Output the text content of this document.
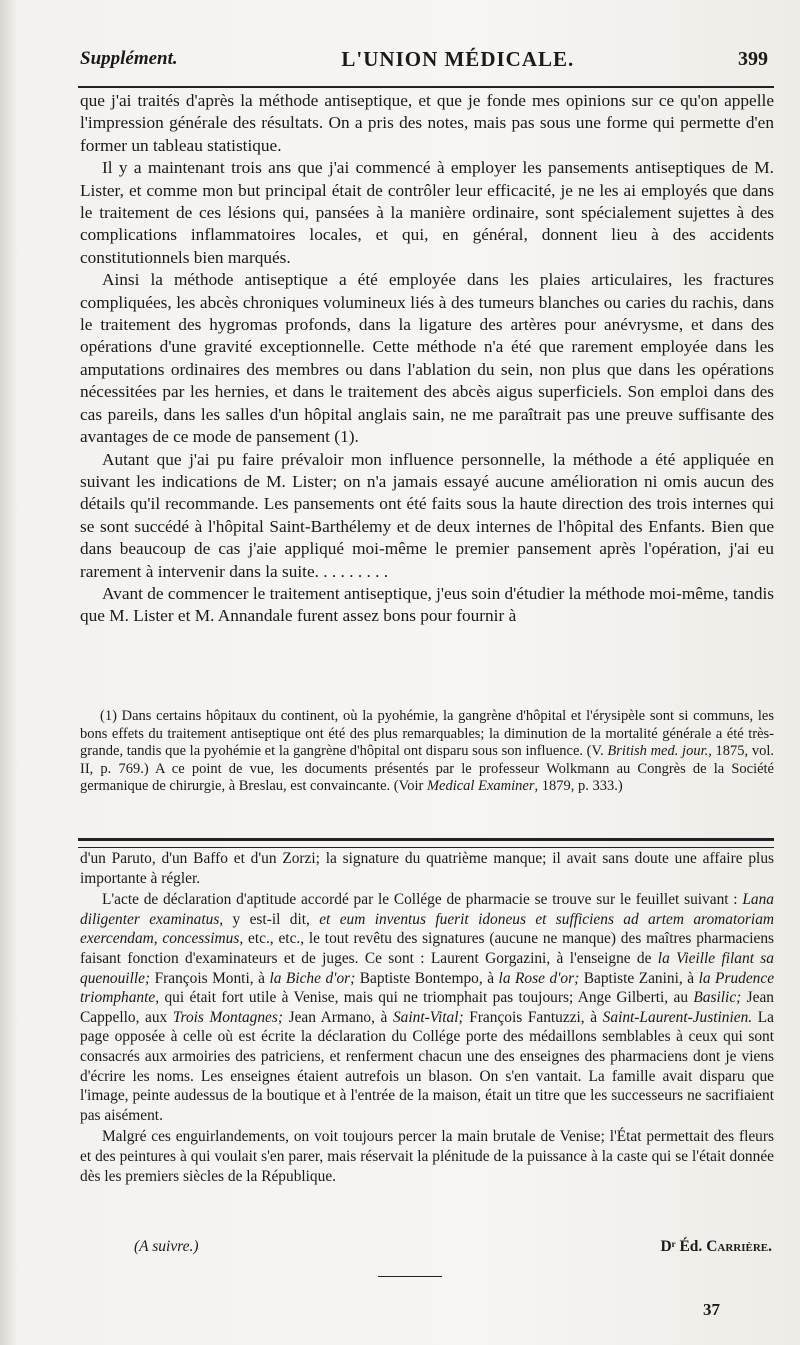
Supplément.	L'UNION MÉDICALE.	399

que j'ai traités d'après la méthode antiseptique, et que je fonde mes opinions sur ce qu'on appelle l'impression générale des résultats. On a pris des notes, mais pas sous une forme qui permette d'en former un tableau statistique.

Il y a maintenant trois ans que j'ai commencé à employer les pansements antiseptiques de M. Lister, et comme mon but principal était de contrôler leur efficacité, je ne les ai employés que dans le traitement de ces lésions qui, pansées à la manière ordinaire, sont spécialement sujettes à des complications inflammatoires locales, et qui, en général, donnent lieu à des accidents constitutionnels bien marqués.

Ainsi la méthode antiseptique a été employée dans les plaies articulaires, les fractures compliquées, les abcès chroniques volumineux liés à des tumeurs blanches ou caries du rachis, dans le traitement des hygromas profonds, dans la ligature des artères pour anévrysme, et dans des opérations d'une gravité exceptionnelle. Cette méthode n'a été que rarement employée dans les amputations ordinaires des membres ou dans l'ablation du sein, non plus que dans les opérations nécessitées par les hernies, et dans le traitement des abcès aigus superficiels. Son emploi dans des cas pareils, dans les salles d'un hôpital anglais sain, ne me paraîtrait pas une preuve suffisante des avantages de ce mode de pansement (1).

Autant que j'ai pu faire prévaloir mon influence personnelle, la méthode a été appliquée en suivant les indications de M. Lister; on n'a jamais essayé aucune amélioration ni omis aucun des détails qu'il recommande. Les pansements ont été faits sous la haute direction des trois internes qui se sont succédé à l'hôpital Saint-Barthélemy et de deux internes de l'hôpital des Enfants. Bien que dans beaucoup de cas j'aie appliqué moi-même le premier pansement après l'opération, j'ai eu rarement à intervenir dans la suite. . . . . . . . .

Avant de commencer le traitement antiseptique, j'eus soin d'étudier la méthode moi-même, tandis que M. Lister et M. Annandale furent assez bons pour fournir à

(1) Dans certains hôpitaux du continent, où la pyohémie, la gangrène d'hôpital et l'érysipèle sont si communs, les bons effets du traitement antiseptique ont été des plus remarquables; la diminution de la mortalité générale a été très-grande, tandis que la pyohémie et la gangrène d'hôpital ont disparu sous son influence. (V. British med. jour., 1875, vol. II, p. 769.) A ce point de vue, les documents présentés par le professeur Wolkmann au Congrès de la Société germanique de chirurgie, à Breslau, est convaincante. (Voir Medical Examiner, 1879, p. 333.)

d'un Paruto, d'un Baffo et d'un Zorzi; la signature du quatrième manque; il avait sans doute une affaire plus importante à régler.

L'acte de déclaration d'aptitude accordé par le Collége de pharmacie se trouve sur le feuillet suivant : Lana diligenter examinatus, y est-il dit, et eum inventus fuerit idoneus et sufficiens ad artem aromatoriam exercendam, concessimus, etc., etc., le tout revêtu des signatures (aucune ne manque) des maîtres pharmaciens faisant fonction d'examinateurs et de juges. Ce sont : Laurent Gorgazini, à l'enseigne de la Vieille filant sa quenouille; François Monti, à la Biche d'or; Baptiste Bontempo, à la Rose d'or; Baptiste Zanini, à la Prudence triomphante, qui était fort utile à Venise, mais qui ne triomphait pas toujours; Ange Gilberti, au Basilic; Jean Cappello, aux Trois Montagnes; Jean Armano, à Saint-Vital; François Fantuzzi, à Saint-Laurent-Justinien. La page opposée à celle où est écrite la déclaration du Collége porte des médaillons semblables à ceux qui sont consacrés aux armoiries des patriciens, et renferment chacun une des enseignes des pharmaciens dont je viens d'écrire les noms. Les enseignes étaient autrefois un blason. On s'en vantait. La famille avait disparu que l'image, peinte audessus de la boutique et à l'entrée de la maison, était un titre que les successeurs ne sacrifiaient pas aisément.

Malgré ces enguirlandements, on voit toujours percer la main brutale de Venise; l'État permettait des fleurs et des peintures à qui voulait s'en parer, mais réservait la plénitude de la puissance à la caste qui se l'était donnée dès les premiers siècles de la République.

(A suivre.)	Dʳ Éd. Carrière.
37
